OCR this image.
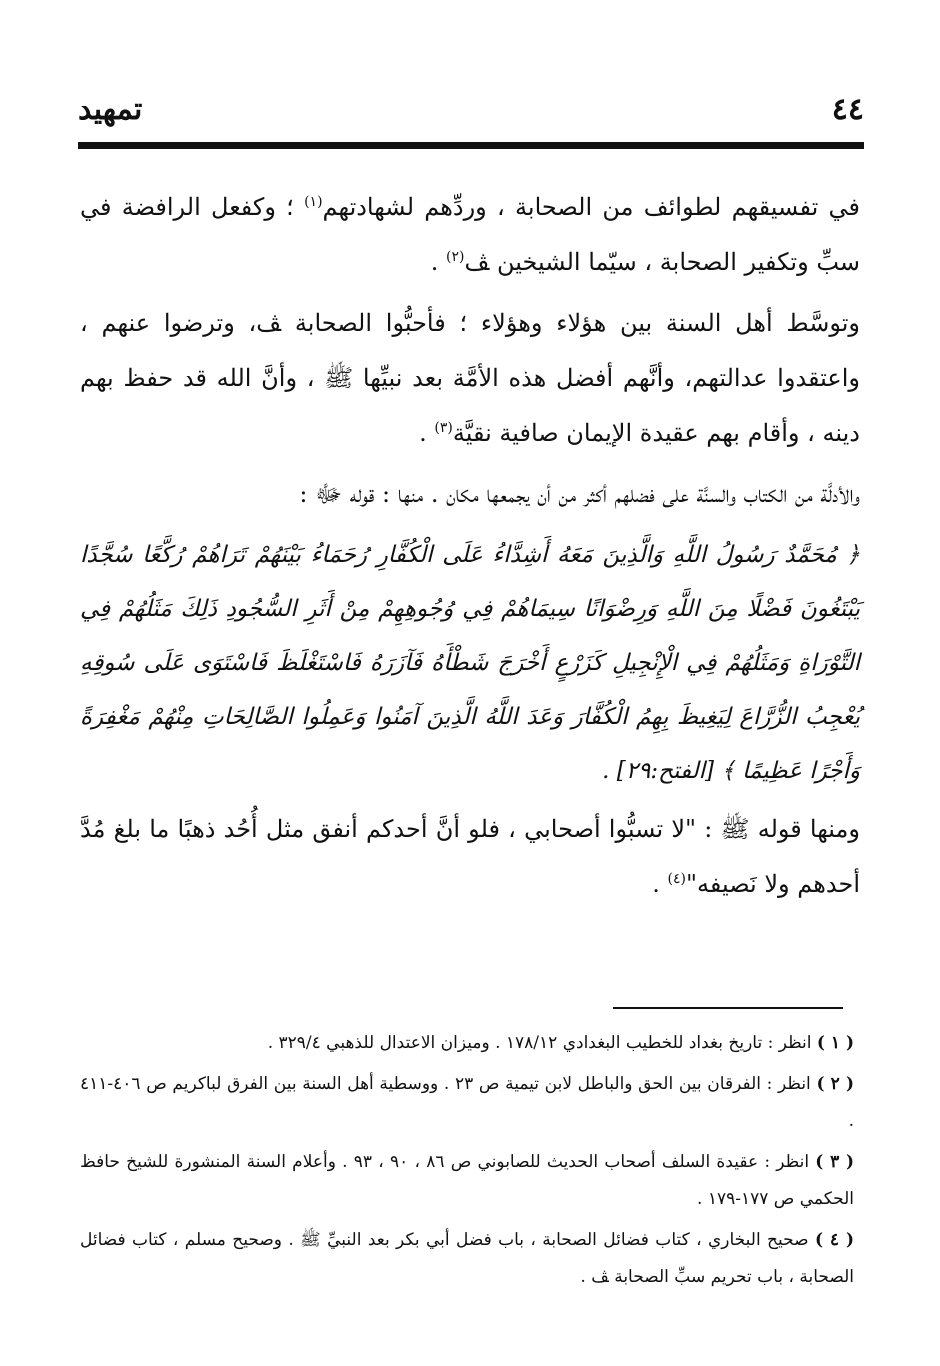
٤٤
تمهيد

في تفسيقهم لطوائف من الصحابة ، وردِّهم لشهادتهم$^{(١)}$ ؛ وكفعل الرافضة في سبِّ وتكفير الصحابة ، سيّما الشيخين ﭫ$^{(٢)}$ .

وتوسَّط أهل السنة بين هؤلاء وهؤلاء ؛ فأحبُّوا الصحابة ﭫ، وترضوا عنهم ، واعتقدوا عدالتهم، وأنَّهم أفضل هذه الأمَّة بعد نبيِّها ﷺ ، وأنَّ الله قد حفظ بهم دينه ، وأقام بهم عقيدة الإيمان صافية نقيَّة$^{(٣)}$ .

والأدلَّة من الكتاب والسنَّة على فضلهم أكثر من أن يجمعها مكان . منها : قوله ﷻ :

﴿ مُحَمَّدٌ رَسُولُ اللَّهِ وَالَّذِينَ مَعَهُ أَشِدَّاءُ عَلَى الْكُفَّارِ رُحَمَاءُ بَيْنَهُمْ تَرَاهُمْ رُكَّعًا سُجَّدًا يَبْتَغُونَ فَضْلًا مِنَ اللَّهِ وَرِضْوَانًا سِيمَاهُمْ فِي وُجُوهِهِمْ مِنْ أَثَرِ السُّجُودِ ذَلِكَ مَثَلُهُمْ فِي التَّوْرَاةِ وَمَثَلُهُمْ فِي الْإِنْجِيلِ كَزَرْعٍ أَخْرَجَ شَطْأَهُ فَآزَرَهُ فَاسْتَغْلَظَ فَاسْتَوَى عَلَى سُوقِهِ يُعْجِبُ الزُّرَّاعَ لِيَغِيظَ بِهِمُ الْكُفَّارَ وَعَدَ اللَّهُ الَّذِينَ آمَنُوا وَعَمِلُوا الصَّالِحَاتِ مِنْهُمْ مَغْفِرَةً وَأَجْرًا عَظِيمًا ﴾ [الفتح:٢٩] .

ومنها قوله ﷺ : "لا تسبُّوا أصحابي ، فلو أنَّ أحدكم أنفق مثل أُحُد ذهبًا ما بلغ مُدَّ أحدهم ولا نَصيفه"$^{(٤)}$ .

( ١ ) انظر : تاريخ بغداد للخطيب البغدادي ١٧٨/١٢ . وميزان الاعتدال للذهبي ٣٢٩/٤ .

( ٢ ) انظر : الفرقان بين الحق والباطل لابن تيمية ص ٢٣ . ووسطية أهل السنة بين الفرق لباكريم ص ٤٠٦-٤١١ .

( ٣ ) انظر : عقيدة السلف أصحاب الحديث للصابوني ص ٨٦ ، ٩٠ ، ٩٣ . وأعلام السنة المنشورة للشيخ حافظ الحكمي ص ١٧٧-١٧٩ .

( ٤ ) صحيح البخاري ، كتاب فضائل الصحابة ، باب فضل أبي بكر بعد النبيِّ ﷺ . وصحيح مسلم ، كتاب فضائل الصحابة ، باب تحريم سبِّ الصحابة ﭫ .
